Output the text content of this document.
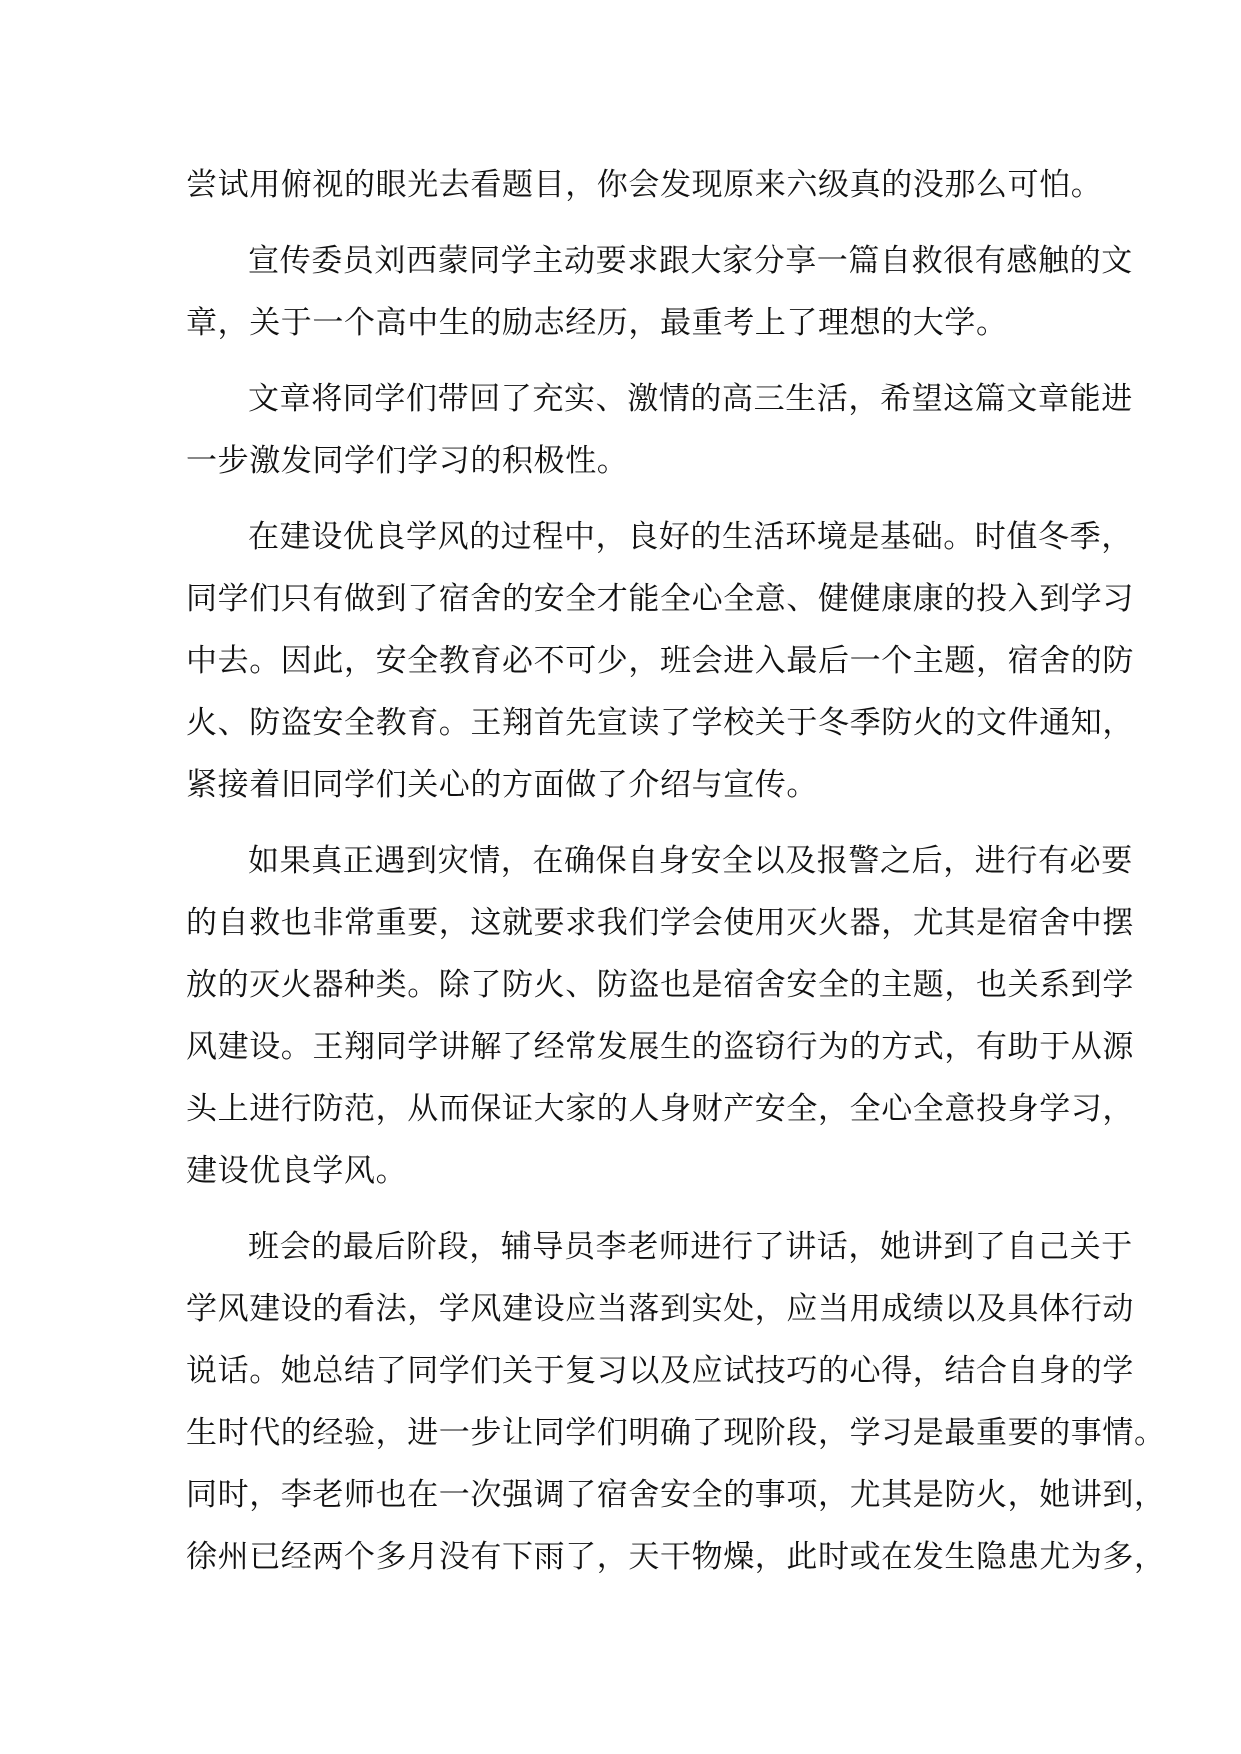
尝试用俯视的眼光去看题目，你会发现原来六级真的没那么可怕。

宣传委员刘西蒙同学主动要求跟大家分享一篇自救很有感触的文
章，关于一个高中生的励志经历，最重考上了理想的大学。

文章将同学们带回了充实、激情的高三生活，希望这篇文章能进
一步激发同学们学习的积极性。

在建设优良学风的过程中，良好的生活环境是基础。时值冬季，
同学们只有做到了宿舍的安全才能全心全意、健健康康的投入到学习
中去。因此，安全教育必不可少，班会进入最后一个主题，宿舍的防
火、防盗安全教育。王翔首先宣读了学校关于冬季防火的文件通知，
紧接着旧同学们关心的方面做了介绍与宣传。

如果真正遇到灾情，在确保自身安全以及报警之后，进行有必要
的自救也非常重要，这就要求我们学会使用灭火器，尤其是宿舍中摆
放的灭火器种类。除了防火、防盗也是宿舍安全的主题，也关系到学
风建设。王翔同学讲解了经常发展生的盗窃行为的方式，有助于从源
头上进行防范，从而保证大家的人身财产安全，全心全意投身学习，
建设优良学风。

班会的最后阶段，辅导员李老师进行了讲话，她讲到了自己关于
学风建设的看法，学风建设应当落到实处，应当用成绩以及具体行动
说话。她总结了同学们关于复习以及应试技巧的心得，结合自身的学
生时代的经验，进一步让同学们明确了现阶段，学习是最重要的事情。
同时，李老师也在一次强调了宿舍安全的事项，尤其是防火，她讲到，
徐州已经两个多月没有下雨了，天干物燥，此时或在发生隐患尤为多，
